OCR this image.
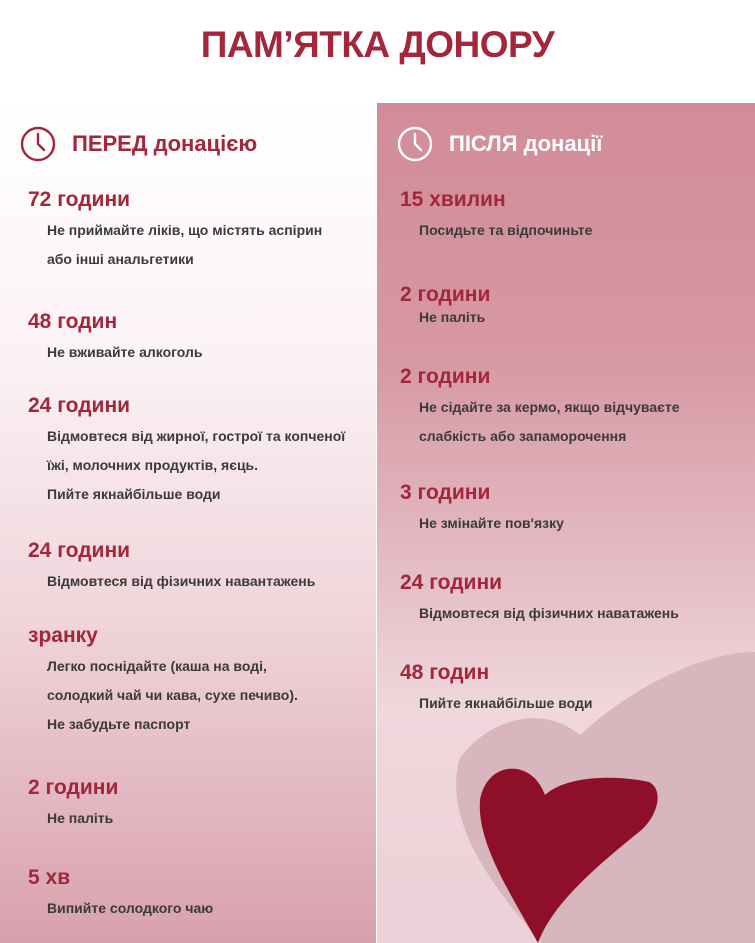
ПАМ’ЯТКА ДОНОРУ
ПЕРЕД донацією	ПІСЛЯ донації
72 години
Не приймайте ліків, що містять аспірин
або інші анальгетики
48 годин
Не вживайте алкоголь
24 години
Відмовтеся від жирної, гострої та копченої
їжі, молочних продуктів, яєць.
Пийте якнайбільше води
24 години
Відмовтеся від фізичних навантажень
зранку
Легко поснідайте (каша на воді,
солодкий чай чи кава, сухе печиво).
Не забудьте паспорт
2 години
Не паліть
5 хв
Випийте солодкого чаю
15 хвилин
Посидьте та відпочиньте
2 години
Не паліть
2 години
Не сідайте за кермо, якщо відчуваєте
слабкість або запаморочення
3 години
Не змінайте пов'язку
24 години
Відмовтеся від фізичних наватажень
48 годин
Пийте якнайбільше води
